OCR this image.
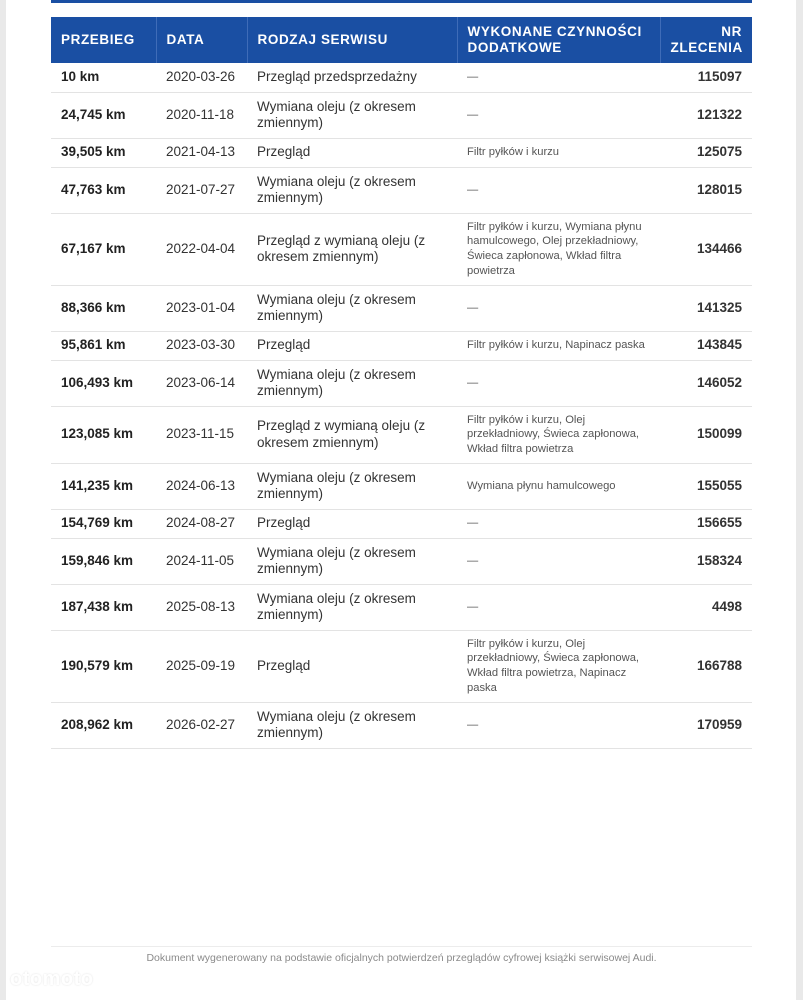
PRZEBIEG	DATA	RODZAJ SERWISU	WYKONANE CZYNNOŚCI DODATKOWE	NR ZLECENIA
10 km	2020-03-26	Przegląd przedsprzedażny	—	115097
24,745 km	2020-11-18	Wymiana oleju (z okresem zmiennym)	—	121322
39,505 km	2021-04-13	Przegląd	Filtr pyłków i kurzu	125075
47,763 km	2021-07-27	Wymiana oleju (z okresem zmiennym)	—	128015
67,167 km	2022-04-04	Przegląd z wymianą oleju (z okresem zmiennym)	Filtr pyłków i kurzu, Wymiana płynu hamulcowego, Olej przekładniowy, Świeca zapłonowa, Wkład filtra powietrza	134466
88,366 km	2023-01-04	Wymiana oleju (z okresem zmiennym)	—	141325
95,861 km	2023-03-30	Przegląd	Filtr pyłków i kurzu, Napinacz paska	143845
106,493 km	2023-06-14	Wymiana oleju (z okresem zmiennym)	—	146052
123,085 km	2023-11-15	Przegląd z wymianą oleju (z okresem zmiennym)	Filtr pyłków i kurzu, Olej przekładniowy, Świeca zapłonowa, Wkład filtra powietrza	150099
141,235 km	2024-06-13	Wymiana oleju (z okresem zmiennym)	Wymiana płynu hamulcowego	155055
154,769 km	2024-08-27	Przegląd	—	156655
159,846 km	2024-11-05	Wymiana oleju (z okresem zmiennym)	—	158324
187,438 km	2025-08-13	Wymiana oleju (z okresem zmiennym)	—	4498
190,579 km	2025-09-19	Przegląd	Filtr pyłków i kurzu, Olej przekładniowy, Świeca zapłonowa, Wkład filtra powietrza, Napinacz paska	166788
208,962 km	2026-02-27	Wymiana oleju (z okresem zmiennym)	—	170959
Dokument wygenerowany na podstawie oficjalnych potwierdzeń przeglądów cyfrowej książki serwisowej Audi.
otomoto
